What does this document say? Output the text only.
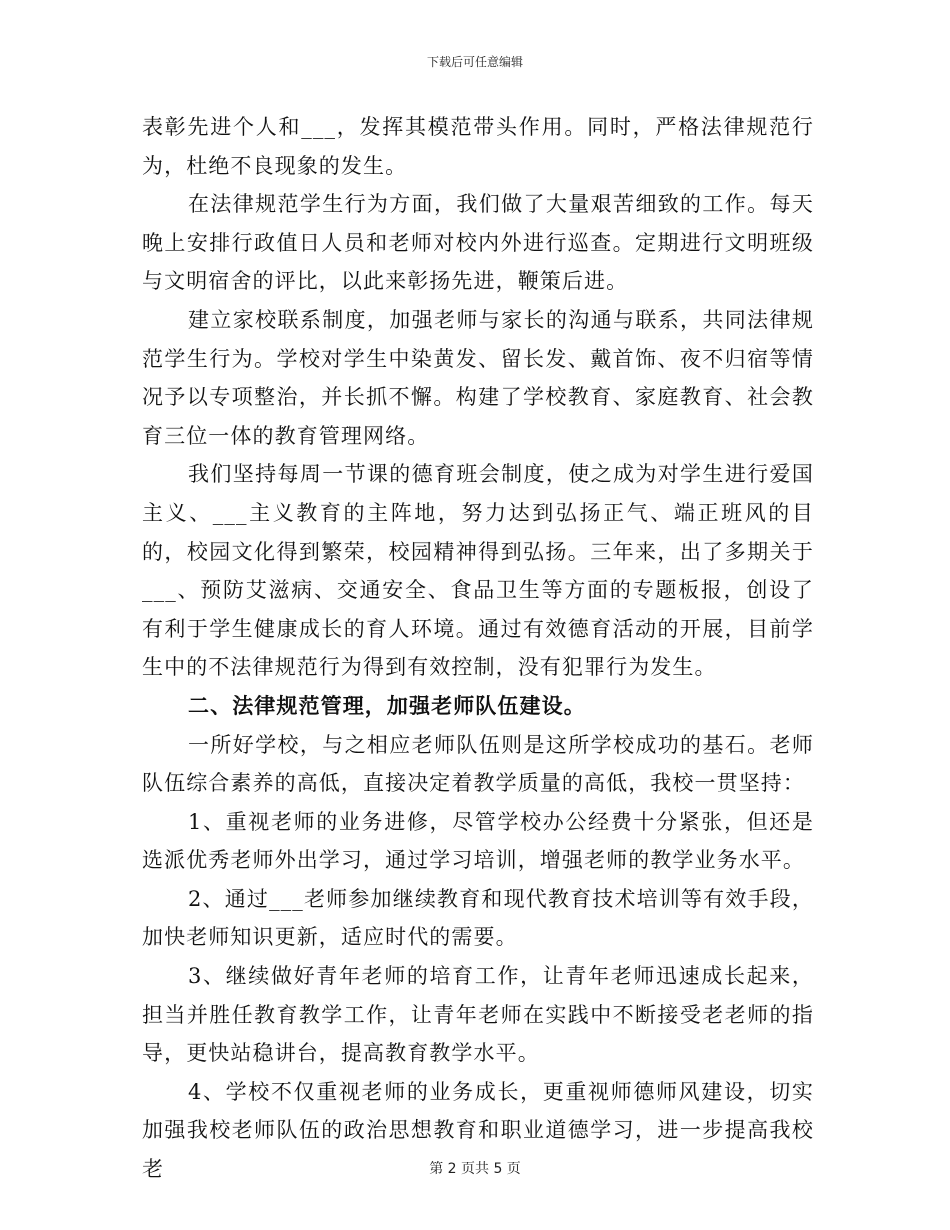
下载后可任意编辑

表彰先进个人和___，发挥其模范带头作用。同时，严格法律规范行为，杜绝不良现象的发生。

在法律规范学生行为方面，我们做了大量艰苦细致的工作。每天晚上安排行政值日人员和老师对校内外进行巡查。定期进行文明班级与文明宿舍的评比，以此来彰扬先进，鞭策后进。

建立家校联系制度，加强老师与家长的沟通与联系，共同法律规范学生行为。学校对学生中染黄发、留长发、戴首饰、夜不归宿等情况予以专项整治，并长抓不懈。构建了学校教育、家庭教育、社会教育三位一体的教育管理网络。

我们坚持每周一节课的德育班会制度，使之成为对学生进行爱国主义、___主义教育的主阵地，努力达到弘扬正气、端正班风的目的，校园文化得到繁荣，校园精神得到弘扬。三年来，出了多期关于___、预防艾滋病、交通安全、食品卫生等方面的专题板报，创设了有利于学生健康成长的育人环境。通过有效德育活动的开展，目前学生中的不法律规范行为得到有效控制，没有犯罪行为发生。

二、法律规范管理，加强老师队伍建设。

一所好学校，与之相应老师队伍则是这所学校成功的基石。老师队伍综合素养的高低，直接决定着教学质量的高低，我校一贯坚持：

1、重视老师的业务进修，尽管学校办公经费十分紧张，但还是选派优秀老师外出学习，通过学习培训，增强老师的教学业务水平。

2、通过___老师参加继续教育和现代教育技术培训等有效手段，加快老师知识更新，适应时代的需要。

3、继续做好青年老师的培育工作，让青年老师迅速成长起来，担当并胜任教育教学工作，让青年老师在实践中不断接受老老师的指导，更快站稳讲台，提高教育教学水平。

4、学校不仅重视老师的业务成长，更重视师德师风建设，切实加强我校老师队伍的政治思想教育和职业道德学习，进一步提高我校老	第 2 页共 5 页
